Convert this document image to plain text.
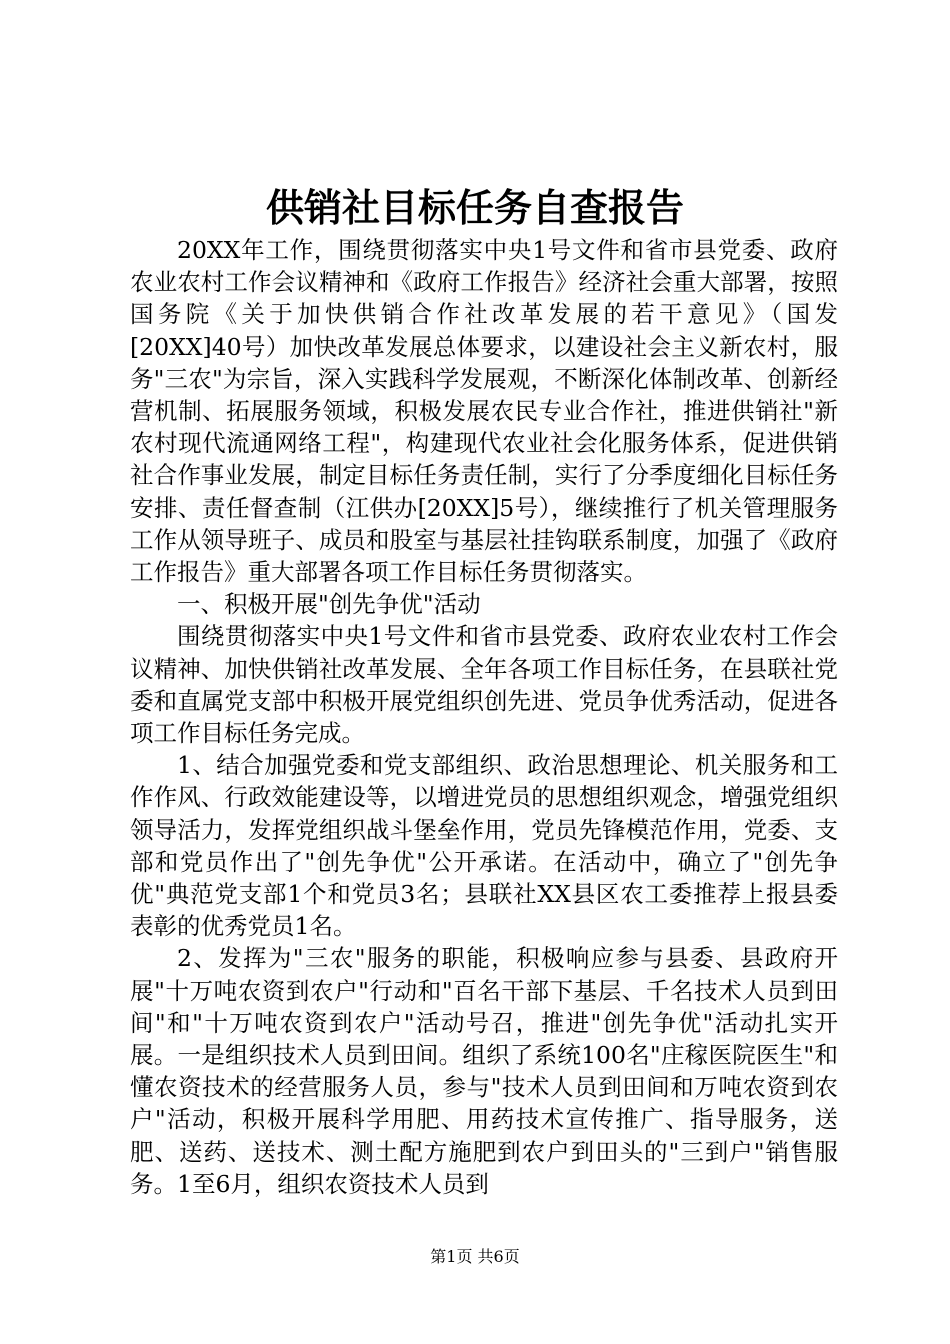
供销社目标任务自查报告

20XX年工作，围绕贯彻落实中央1号文件和省市县党委、政府农业农村工作会议精神和《政府工作报告》经济社会重大部署，按照国务院《关于加快供销合作社改革发展的若干意见》（国发[20XX]40号）加快改革发展总体要求，以建设社会主义新农村，服务"三农"为宗旨，深入实践科学发展观，不断深化体制改革、创新经营机制、拓展服务领域，积极发展农民专业合作社，推进供销社"新农村现代流通网络工程"，构建现代农业社会化服务体系，促进供销社合作事业发展，制定目标任务责任制，实行了分季度细化目标任务安排、责任督查制（江供办[20XX]5号），继续推行了机关管理服务工作从领导班子、成员和股室与基层社挂钩联系制度，加强了《政府工作报告》重大部署各项工作目标任务贯彻落实。

一、积极开展"创先争优"活动

围绕贯彻落实中央1号文件和省市县党委、政府农业农村工作会议精神、加快供销社改革发展、全年各项工作目标任务，在县联社党委和直属党支部中积极开展党组织创先进、党员争优秀活动，促进各项工作目标任务完成。

1、结合加强党委和党支部组织、政治思想理论、机关服务和工作作风、行政效能建设等，以增进党员的思想组织观念，增强党组织领导活力，发挥党组织战斗堡垒作用，党员先锋模范作用，党委、支部和党员作出了"创先争优"公开承诺。在活动中，确立了"创先争优"典范党支部1个和党员3名；县联社XX县区农工委推荐上报县委表彰的优秀党员1名。

2、发挥为"三农"服务的职能，积极响应参与县委、县政府开展"十万吨农资到农户"行动和"百名干部下基层、千名技术人员到田间"和"十万吨农资到农户"活动号召，推进"创先争优"活动扎实开展。一是组织技术人员到田间。组织了系统100名"庄稼医院医生"和懂农资技术的经营服务人员，参与"技术人员到田间和万吨农资到农户"活动，积极开展科学用肥、用药技术宣传推广、指导服务，送肥、送药、送技术、测土配方施肥到农户到田头的"三到户"销售服务。1至6月，组织农资技术人员到

第1页 共6页
